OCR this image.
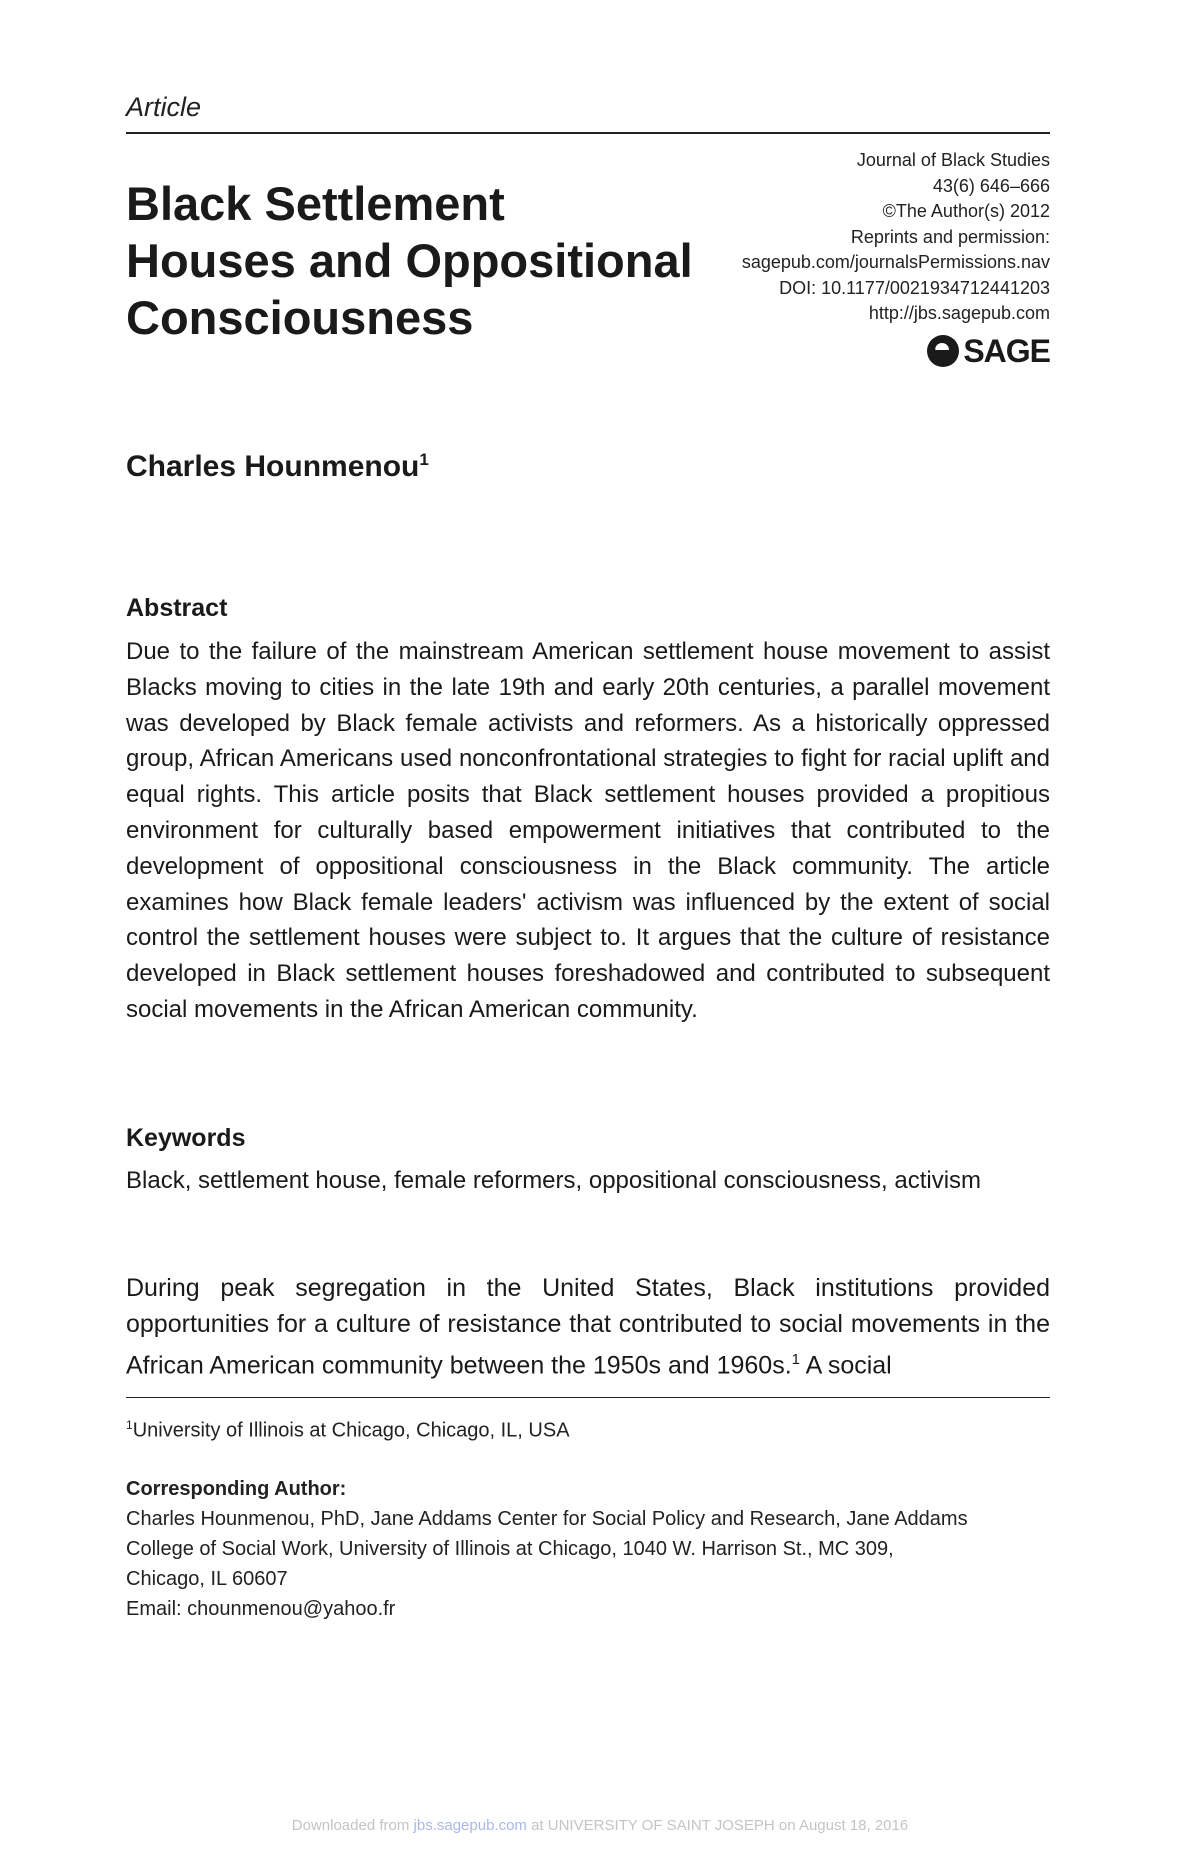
Article
Black Settlement
Houses and Oppositional
Consciousness
Journal of Black Studies
43(6) 646–666
©The Author(s) 2012
Reprints and permission:
sagepub.com/journalsPermissions.nav
DOI: 10.1177/0021934712441203
http://jbs.sagepub.com
SAGE
Charles Hounmenou$^1$
Abstract

Due to the failure of the mainstream American settlement house movement to assist Blacks moving to cities in the late 19th and early 20th centuries, a parallel movement was developed by Black female activists and reformers. As a historically oppressed group, African Americans used nonconfrontational strategies to fight for racial uplift and equal rights. This article posits that Black settlement houses provided a propitious environment for culturally based empowerment initiatives that contributed to the development of oppositional consciousness in the Black community. The article examines how Black female leaders' activism was influenced by the extent of social control the settlement houses were subject to. It argues that the culture of resistance developed in Black settlement houses foreshadowed and contributed to subsequent social movements in the African American community.

Keywords

Black, settlement house, female reformers, oppositional consciousness, activism

During peak segregation in the United States, Black institutions provided opportunities for a culture of resistance that contributed to social movements in the African American community between the 1950s and 1960s.$^1$ A social

$^1$University of Illinois at Chicago, Chicago, IL, USA

Corresponding Author:

Charles Hounmenou, PhD, Jane Addams Center for Social Policy and Research, Jane Addams
College of Social Work, University of Illinois at Chicago, 1040 W. Harrison St., MC 309,
Chicago, IL 60607
Email: chounmenou@yahoo.fr
Downloaded from jbs.sagepub.com at UNIVERSITY OF SAINT JOSEPH on August 18, 2016
